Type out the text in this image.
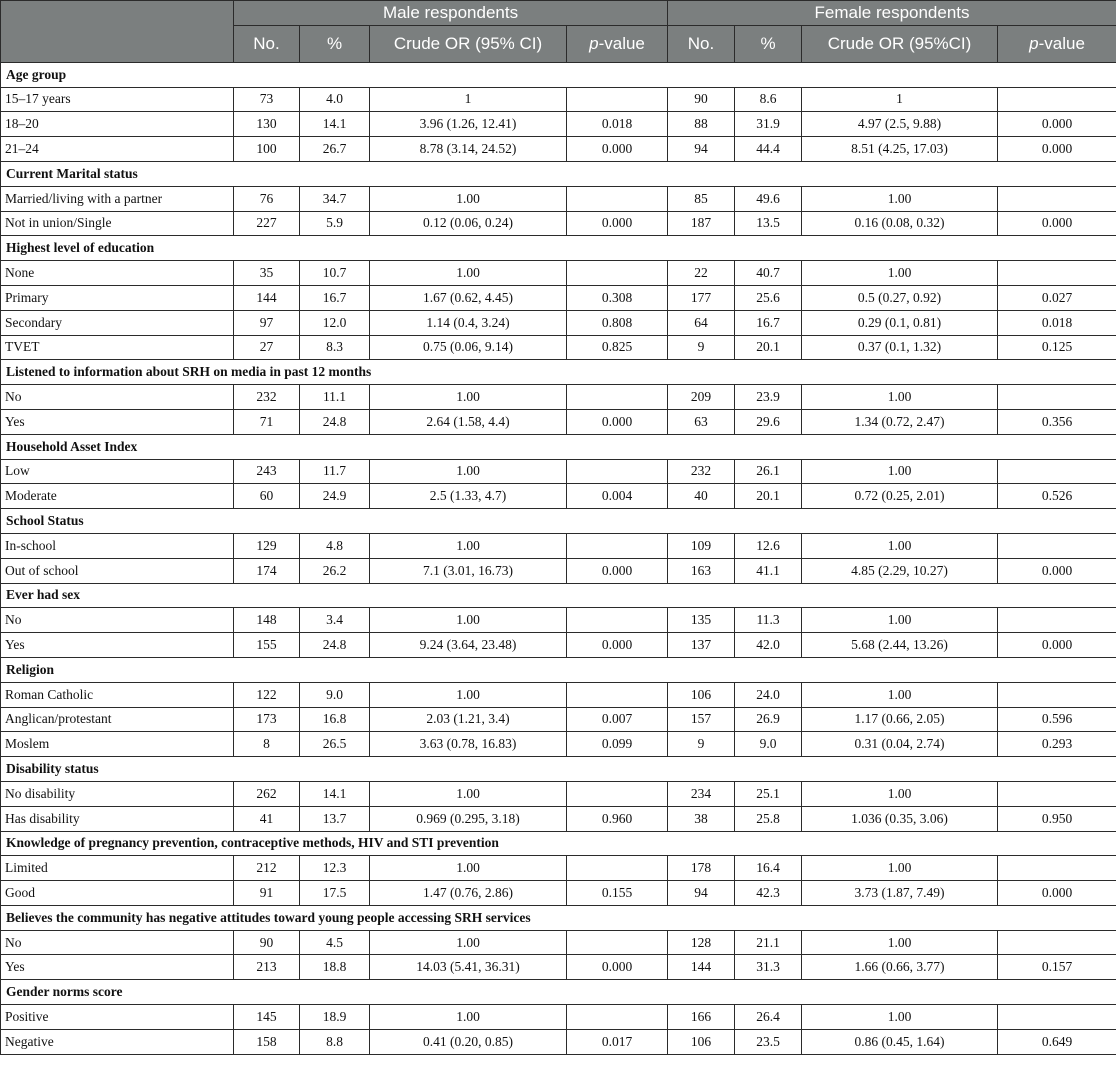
	Male respondents				Female respondents			
	No.	%	Crude OR (95% CI)	p-value	No.	%	Crude OR (95%CI)	p-value
Age group								
15–17 years	73	4.0	1		90	8.6	1	
18–20	130	14.1	3.96 (1.26, 12.41)	0.018	88	31.9	4.97 (2.5, 9.88)	0.000
21–24	100	26.7	8.78 (3.14, 24.52)	0.000	94	44.4	8.51 (4.25, 17.03)	0.000
Current Marital status								
Married/living with a partner	76	34.7	1.00		85	49.6	1.00	
Not in union/Single	227	5.9	0.12 (0.06, 0.24)	0.000	187	13.5	0.16 (0.08, 0.32)	0.000
Highest level of education								
None	35	10.7	1.00		22	40.7	1.00	
Primary	144	16.7	1.67 (0.62, 4.45)	0.308	177	25.6	0.5 (0.27, 0.92)	0.027
Secondary	97	12.0	1.14 (0.4, 3.24)	0.808	64	16.7	0.29 (0.1, 0.81)	0.018
TVET	27	8.3	0.75 (0.06, 9.14)	0.825	9	20.1	0.37 (0.1, 1.32)	0.125
Listened to information about SRH on media in past 12 months								
No	232	11.1	1.00		209	23.9	1.00	
Yes	71	24.8	2.64 (1.58, 4.4)	0.000	63	29.6	1.34 (0.72, 2.47)	0.356
Household Asset Index								
Low	243	11.7	1.00		232	26.1	1.00	
Moderate	60	24.9	2.5 (1.33, 4.7)	0.004	40	20.1	0.72 (0.25, 2.01)	0.526
School Status								
In-school	129	4.8	1.00		109	12.6	1.00	
Out of school	174	26.2	7.1 (3.01, 16.73)	0.000	163	41.1	4.85 (2.29, 10.27)	0.000
Ever had sex								
No	148	3.4	1.00		135	11.3	1.00	
Yes	155	24.8	9.24 (3.64, 23.48)	0.000	137	42.0	5.68 (2.44, 13.26)	0.000
Religion								
Roman Catholic	122	9.0	1.00		106	24.0	1.00	
Anglican/protestant	173	16.8	2.03 (1.21, 3.4)	0.007	157	26.9	1.17 (0.66, 2.05)	0.596
Moslem	8	26.5	3.63 (0.78, 16.83)	0.099	9	9.0	0.31 (0.04, 2.74)	0.293
Disability status								
No disability	262	14.1	1.00		234	25.1	1.00	
Has disability	41	13.7	0.969 (0.295, 3.18)	0.960	38	25.8	1.036 (0.35, 3.06)	0.950
Knowledge of pregnancy prevention, contraceptive methods, HIV and STI prevention								
Limited	212	12.3	1.00		178	16.4	1.00	
Good	91	17.5	1.47 (0.76, 2.86)	0.155	94	42.3	3.73 (1.87, 7.49)	0.000
Believes the community has negative attitudes toward young people accessing SRH services								
No	90	4.5	1.00		128	21.1	1.00	
Yes	213	18.8	14.03 (5.41, 36.31)	0.000	144	31.3	1.66 (0.66, 3.77)	0.157
Gender norms score								
Positive	145	18.9	1.00		166	26.4	1.00	
Negative	158	8.8	0.41 (0.20, 0.85)	0.017	106	23.5	0.86 (0.45, 1.64)	0.649
